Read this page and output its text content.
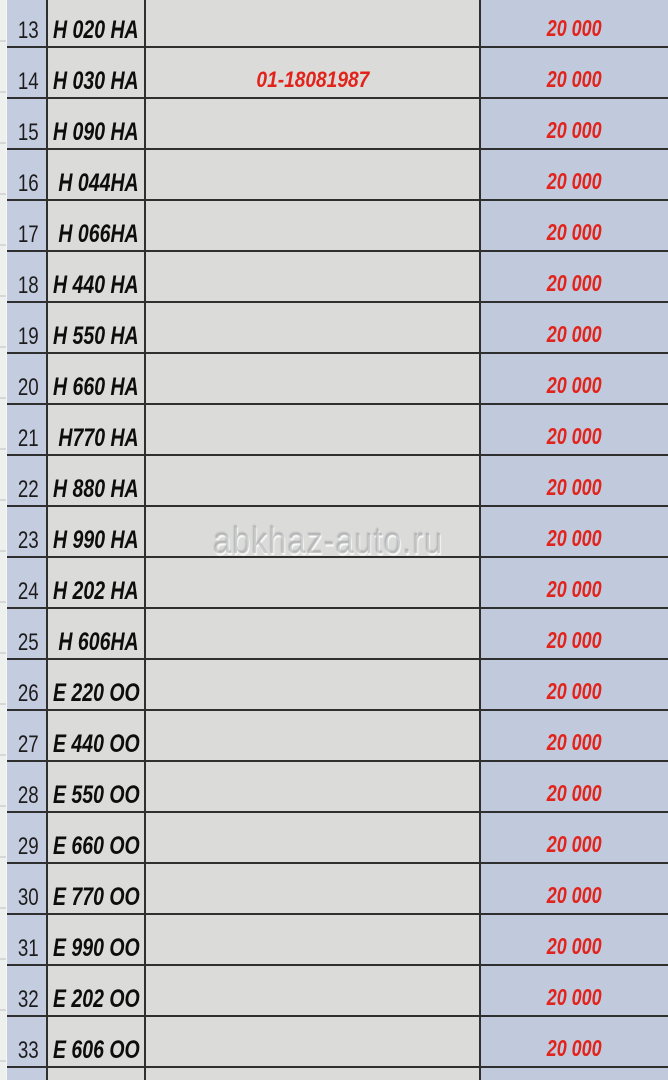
13 H 020 HA	20 000
14 H 030 HA	01-18081987	20 000
15 H 090 HA	20 000
16 H 044HA	20 000
17 H 066HA	20 000
18 H 440 HA	20 000
19 H 550 HA	20 000
20 H 660 HA	20 000
21 H770 HA	20 000
22 H 880 HA	20 000
23 H 990 HA	20 000
24 H 202 HA	20 000
25 H 606HA	20 000
26 E 220 OO	20 000
27 E 440 OO	20 000
28 E 550 OO	20 000
29 E 660 OO	20 000
30 E 770 OO	20 000
31 E 990 OO	20 000
32 E 202 OO	20 000
33 E 606 OO	20 000
abkhaz-auto.ru
